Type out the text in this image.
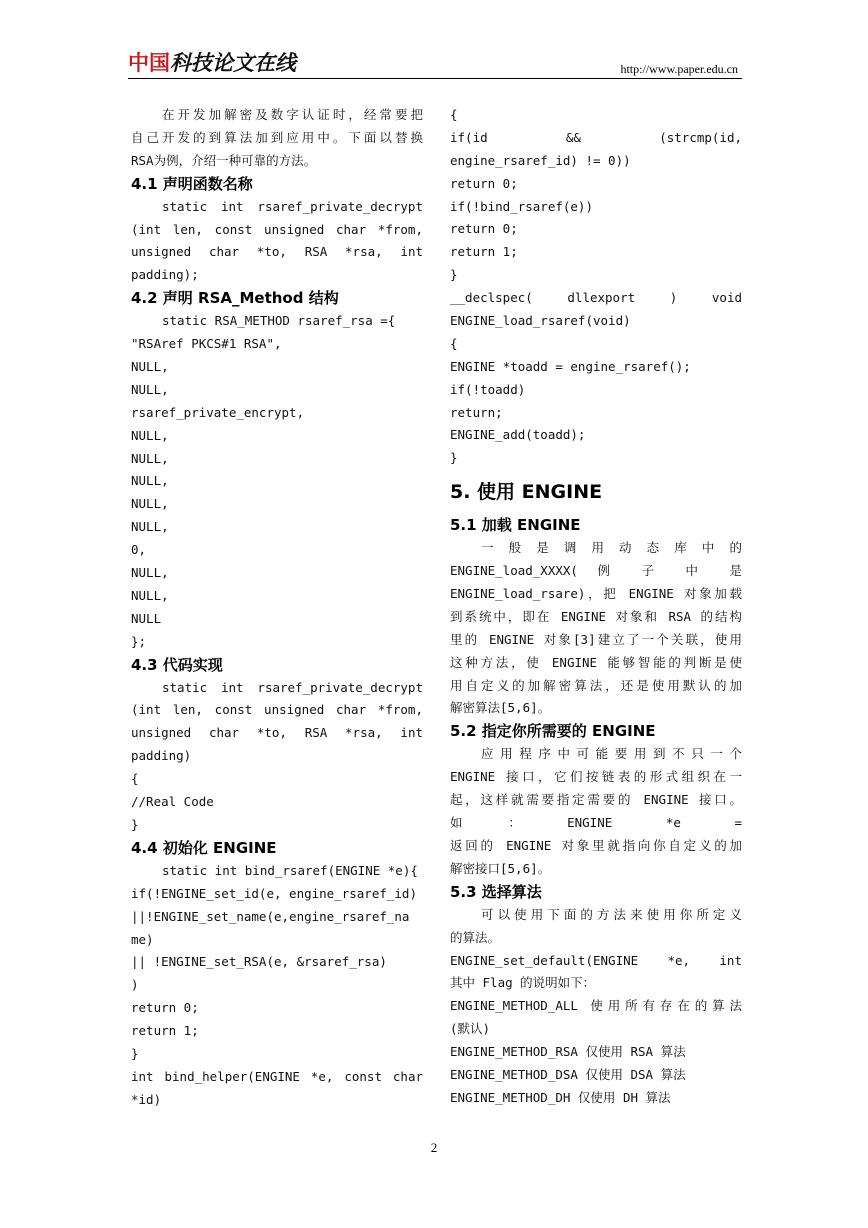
中国科技论文在线	http://www.paper.edu.cn
在开发加解密及数字认证时，经常要把
自己开发的到算法加到应用中。下面以替换
RSA为例，介绍一种可靠的方法。
4.1 声明函数名称
static int rsaref_private_decrypt
(int len, const unsigned char *from,
unsigned char *to, RSA *rsa, int
padding);
4.2 声明 RSA_Method 结构
static RSA_METHOD rsaref_rsa ={
"RSAref PKCS#1 RSA",
NULL,
NULL,
rsaref_private_encrypt,
NULL,
NULL,
NULL,
NULL,
NULL,
0,
NULL,
NULL,
NULL
};
4.3 代码实现
static int rsaref_private_decrypt
(int len, const unsigned char *from,
unsigned char *to, RSA *rsa, int
padding)
{
//Real Code
}
4.4 初始化 ENGINE
static int bind_rsaref(ENGINE *e){
if(!ENGINE_set_id(e, engine_rsaref_id)
||!ENGINE_set_name(e,engine_rsaref_na
me)
|| !ENGINE_set_RSA(e, &rsaref_rsa)
)
return 0;
return 1;
}
int bind_helper(ENGINE *e, const char
*id)
{
if(id && (strcmp(id,
engine_rsaref_id) != 0))
return 0;
if(!bind_rsaref(e))
return 0;
return 1;
}
__declspec( dllexport ) void
ENGINE_load_rsaref(void)
{
ENGINE *toadd = engine_rsaref();
if(!toadd)
return;
ENGINE_add(toadd);
}
5. 使用 ENGINE
5.1 加载 ENGINE
一 般 是 调 用 动 态 库 中 的
ENGINE_load_XXXX( 例 子 中 是
ENGINE_load_rsare)，把 ENGINE 对象加载
到系统中，即在 ENGINE 对象和 RSA 的结构
里的 ENGINE 对象[3]建立了一个关联，使用
这种方法，使 ENGINE 能够智能的判断是使
用自定义的加解密算法，还是使用默认的加
解密算法[5,6]。
5.2 指定你所需要的 ENGINE
应用程序中可能要用到不只一个
ENGINE 接口，它们按链表的形式组织在一
起，这样就需要指定需要的 ENGINE 接口。
如：ENGINE *e =
返回的 ENGINE 对象里就指向你自定义的加
解密接口[5,6]。
5.3 选择算法
可以使用下面的方法来使用你所定义
的算法。
ENGINE_set_default(ENGINE *e, int
其中 Flag 的说明如下：
ENGINE_METHOD_ALL 使用所有存在的算法
(默认)
ENGINE_METHOD_RSA 仅使用 RSA 算法
ENGINE_METHOD_DSA 仅使用 DSA 算法
ENGINE_METHOD_DH 仅使用 DH 算法
2
